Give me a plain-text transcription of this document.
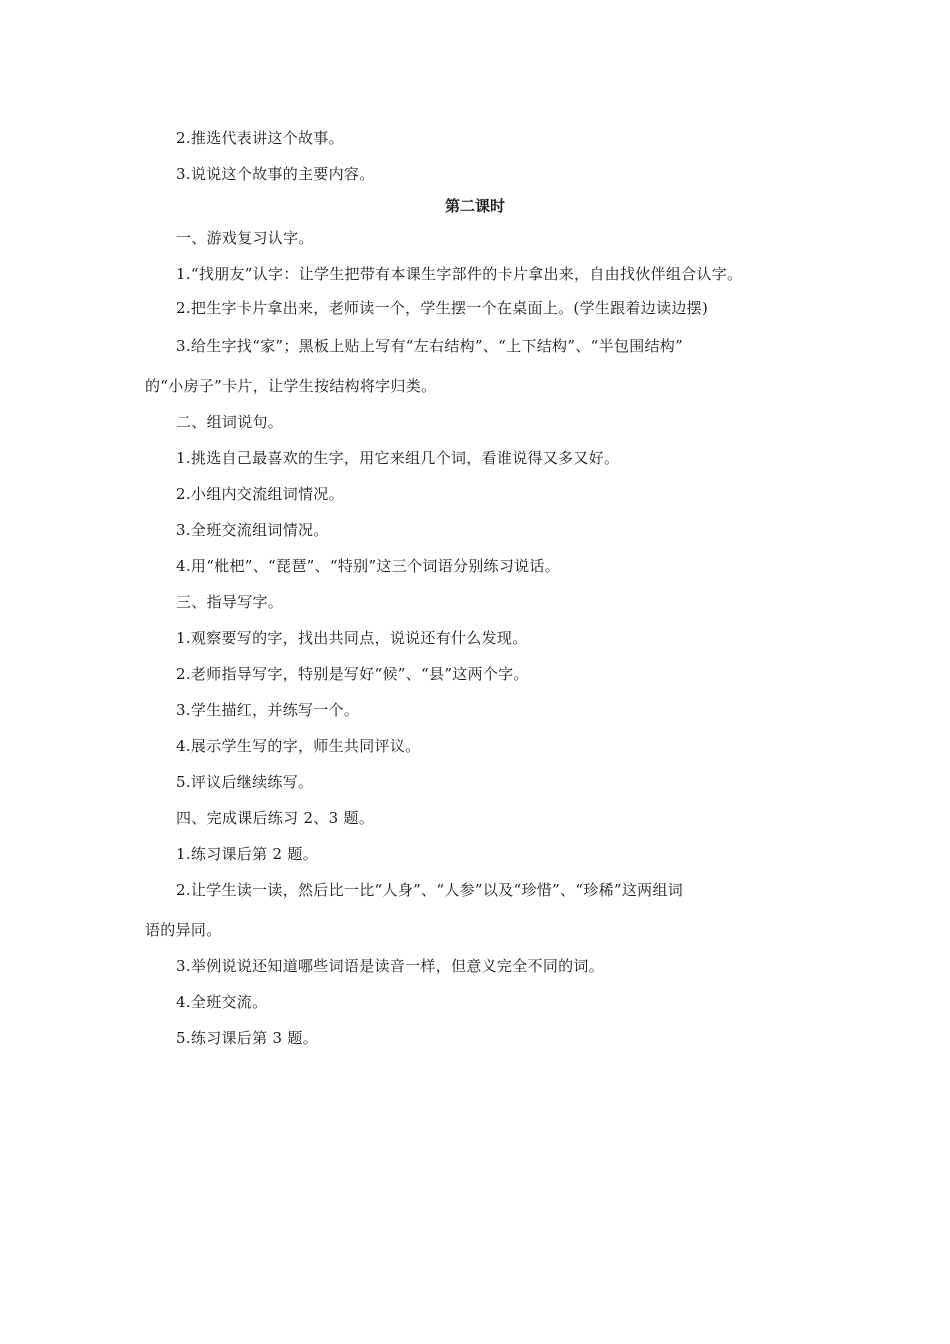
2.推选代表讲这个故事。
3.说说这个故事的主要内容。
第二课时
一、游戏复习认字。
1.“找朋友”认字：让学生把带有本课生字部件的卡片拿出来，自由找伙伴组合认字。
2.把生字卡片拿出来，老师读一个，学生摆一个在桌面上。(学生跟着边读边摆)
3.给生字找“家”；黑板上贴上写有“左右结构”、“上下结构”、“半包围结构”
的“小房子”卡片，让学生按结构将字归类。
二、组词说句。
1.挑选自己最喜欢的生字，用它来组几个词，看谁说得又多又好。
2.小组内交流组词情况。
3.全班交流组词情况。
4.用“枇杷”、“琵琶”、“特别”这三个词语分别练习说话。
三、指导写字。
1.观察要写的字，找出共同点，说说还有什么发现。
2.老师指导写字，特别是写好“候”、“县”这两个字。
3.学生描红，并练写一个。
4.展示学生写的字，师生共同评议。
5.评议后继续练写。
四、完成课后练习 2、3 题。
1.练习课后第 2 题。
2.让学生读一读，然后比一比“人身”、“人参”以及“珍惜”、“珍稀”这两组词
语的异同。
3.举例说说还知道哪些词语是读音一样，但意义完全不同的词。
4.全班交流。
5.练习课后第 3 题。
